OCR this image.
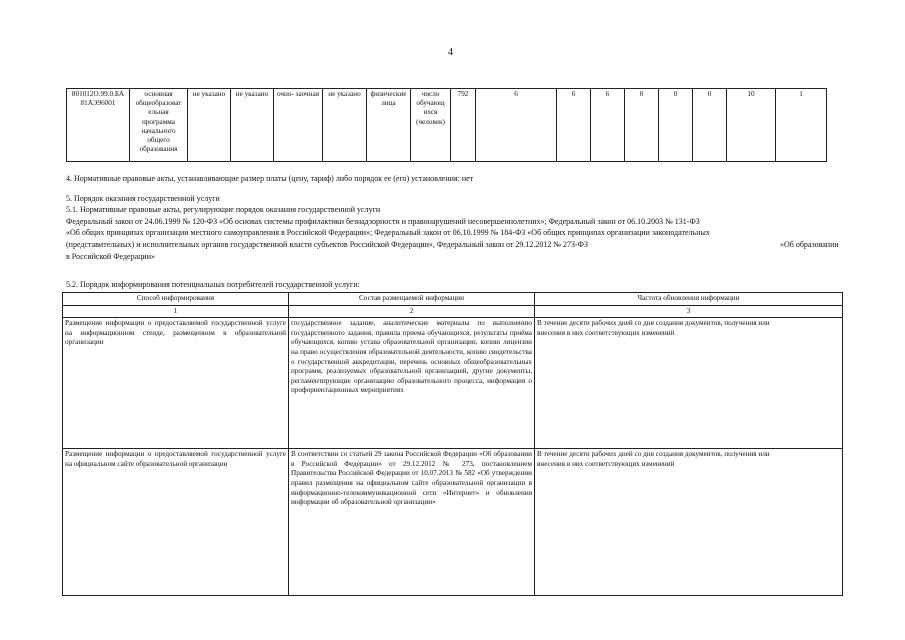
4
801012О.99.0.БА 81АЭ96001	основная общеобразоват ельная программа начального общего образования	не указано	не указано	очно- заочная	не указано	физические лица	число обучающ ихся (человек)	792	6	6	6	0	0	0	10	1
4. Нормативные правовые акты, устанавливающие размер платы (цену, тариф) либо порядок ее (его) установления: нет
5. Порядок оказания государственной услуги
5.1. Нормативные правовые акты, регулирующие порядок оказания государственной услуги
Федеральный закон от 24.06.1999 № 120-ФЗ «Об основах системы профилактики безнадзорности и правонарушений несовершеннолетних»; Федеральный закон от 06.10.2003 № 131-ФЗ
«Об общих принципах организации местного самоуправления в Российской Федерации»; Федеральный закон от 06.10.1999 № 184-ФЗ «Об общих принципах организации законодательных
(представительных) и исполнительных органов государственной власти субъектов Российской Федерации», Федеральный закон от 29.12.2012 № 273-ФЗ	«Об образовании
в Российской Федерации»
5.2. Порядок информирования потенциальных потребителей государственной услуги:
Способ информирования	Состав размещаемой информации	Частота обновления информации
1	2	3
Размещение информации о предоставляемой государственной услуге на информационном стенде, размещенном в образовательной организации	государственное задание, аналитические материалы по выполнению государственного задания, правила приема обучающихся, результаты приёма обучающихся, копию устава образовательной организации, копию лицензии на право осуществления образовательной деятельности, копию свидетельства о государственной аккредитации, перечень основных общеобразовательных программ, реализуемых образовательной организацией, другие документы, регламентирующие организацию образовательного процесса, информация о профориентационных мероприятиях	В течение десяти рабочих дней со дня создания документов, получения или
внесения в них соответствующих изменений
Размещение информации о предоставляемой государственной услуге на официальном сайте образовательной организации	В соответствии со статьей 29 закона Российской Федерации «Об образовании в Российской Федерации» от 29.12.2012 № 273, постановлением Правительства Российской Федерации от 10.07.2013 № 582 «Об утверждении правил размещения на официальном сайте образовательной организации в информационно-телекоммуникационной сети «Интернет» и обновления информации об образовательной организации»	В течение десяти рабочих дней со дня создания документов, получения или
внесения в них соответствующих изменений
